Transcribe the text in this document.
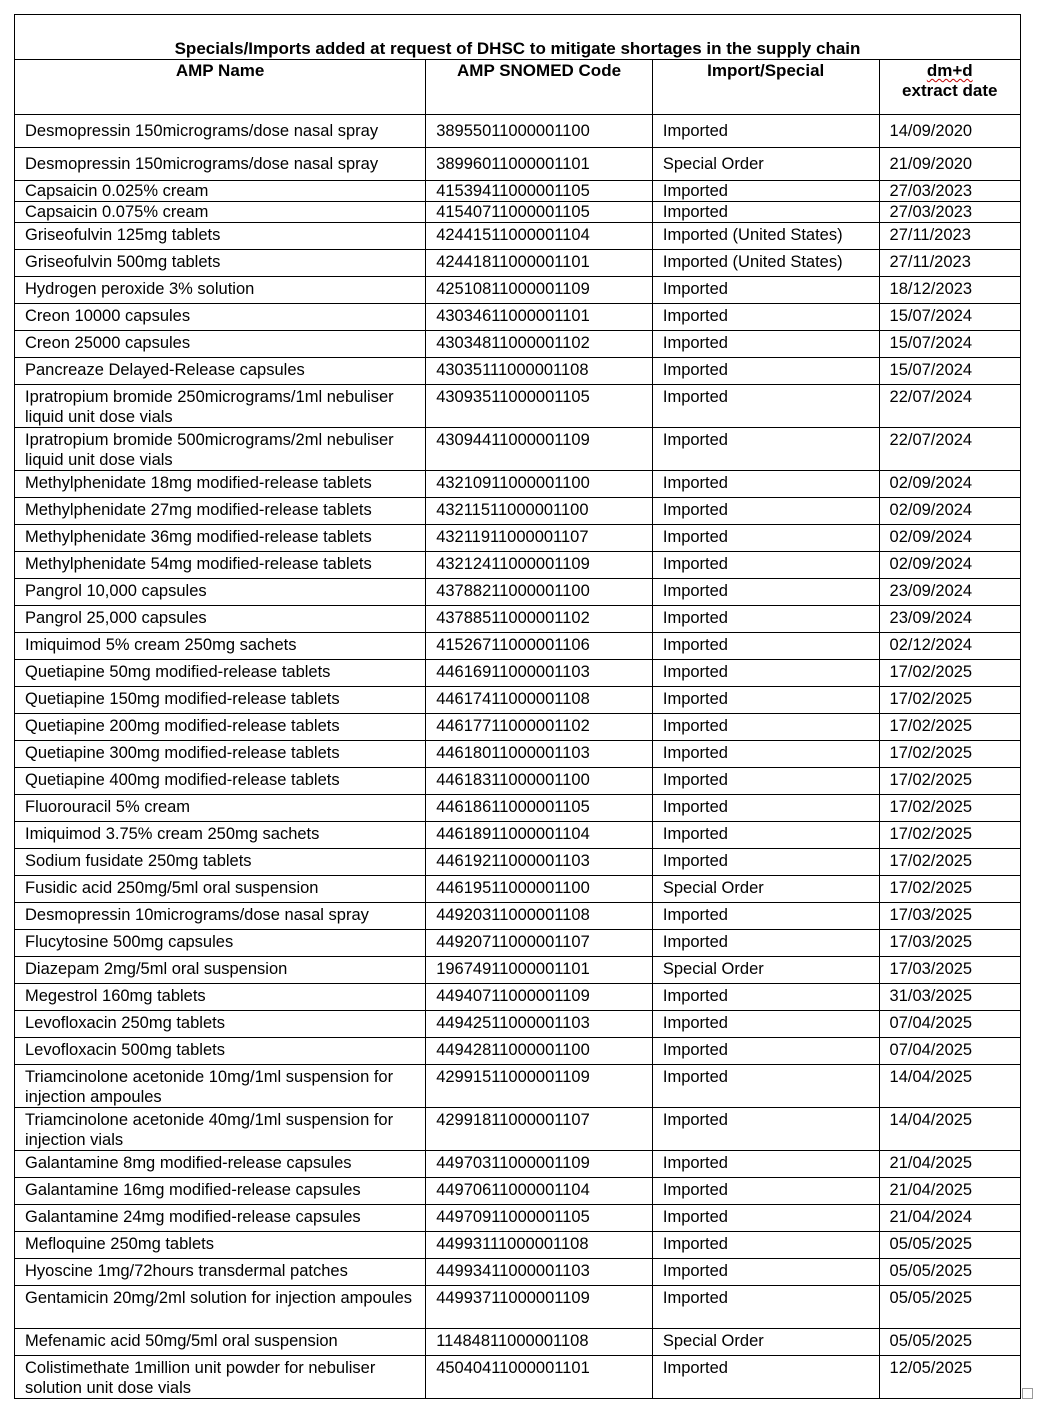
Specials/Imports added at request of DHSC to mitigate shortages in the supply chain			
AMP Name	AMP SNOMED Code	Import/Special	dm+d
extract date
Desmopressin 150micrograms/dose nasal spray	38955011000001100	Imported	14/09/2020
Desmopressin 150micrograms/dose nasal spray	38996011000001101	Special Order	21/09/2020
Capsaicin 0.025% cream	41539411000001105	Imported	27/03/2023
Capsaicin 0.075% cream	41540711000001105	Imported	27/03/2023
Griseofulvin 125mg tablets	42441511000001104	Imported (United States)	27/11/2023
Griseofulvin 500mg tablets	42441811000001101	Imported (United States)	27/11/2023
Hydrogen peroxide 3% solution	42510811000001109	Imported	18/12/2023
Creon 10000 capsules	43034611000001101	Imported	15/07/2024
Creon 25000 capsules	43034811000001102	Imported	15/07/2024
Pancreaze Delayed-Release capsules	43035111000001108	Imported	15/07/2024
Ipratropium bromide 250micrograms/1ml nebuliser liquid unit dose vials	43093511000001105	Imported	22/07/2024
Ipratropium bromide 500micrograms/2ml nebuliser liquid unit dose vials	43094411000001109	Imported	22/07/2024
Methylphenidate 18mg modified-release tablets	43210911000001100	Imported	02/09/2024
Methylphenidate 27mg modified-release tablets	43211511000001100	Imported	02/09/2024
Methylphenidate 36mg modified-release tablets	43211911000001107	Imported	02/09/2024
Methylphenidate 54mg modified-release tablets	43212411000001109	Imported	02/09/2024
Pangrol 10,000 capsules	43788211000001100	Imported	23/09/2024
Pangrol 25,000 capsules	43788511000001102	Imported	23/09/2024
Imiquimod 5% cream 250mg sachets	41526711000001106	Imported	02/12/2024
Quetiapine 50mg modified-release tablets	44616911000001103	Imported	17/02/2025
Quetiapine 150mg modified-release tablets	44617411000001108	Imported	17/02/2025
Quetiapine 200mg modified-release tablets	44617711000001102	Imported	17/02/2025
Quetiapine 300mg modified-release tablets	44618011000001103	Imported	17/02/2025
Quetiapine 400mg modified-release tablets	44618311000001100	Imported	17/02/2025
Fluorouracil 5% cream	44618611000001105	Imported	17/02/2025
Imiquimod 3.75% cream 250mg sachets	44618911000001104	Imported	17/02/2025
Sodium fusidate 250mg tablets	44619211000001103	Imported	17/02/2025
Fusidic acid 250mg/5ml oral suspension	44619511000001100	Special Order	17/02/2025
Desmopressin 10micrograms/dose nasal spray	44920311000001108	Imported	17/03/2025
Flucytosine 500mg capsules	44920711000001107	Imported	17/03/2025
Diazepam 2mg/5ml oral suspension	19674911000001101	Special Order	17/03/2025
Megestrol 160mg tablets	44940711000001109	Imported	31/03/2025
Levofloxacin 250mg tablets	44942511000001103	Imported	07/04/2025
Levofloxacin 500mg tablets	44942811000001100	Imported	07/04/2025
Triamcinolone acetonide 10mg/1ml suspension for injection ampoules	42991511000001109	Imported	14/04/2025
Triamcinolone acetonide 40mg/1ml suspension for injection vials	42991811000001107	Imported	14/04/2025
Galantamine 8mg modified-release capsules	44970311000001109	Imported	21/04/2025
Galantamine 16mg modified-release capsules	44970611000001104	Imported	21/04/2025
Galantamine 24mg modified-release capsules	44970911000001105	Imported	21/04/2024
Mefloquine 250mg tablets	44993111000001108	Imported	05/05/2025
Hyoscine 1mg/72hours transdermal patches	44993411000001103	Imported	05/05/2025
Gentamicin 20mg/2ml solution for injection ampoules	44993711000001109	Imported	05/05/2025
Mefenamic acid 50mg/5ml oral suspension	11484811000001108	Special Order	05/05/2025
Colistimethate 1million unit powder for nebuliser solution unit dose vials	45040411000001101	Imported	12/05/2025
